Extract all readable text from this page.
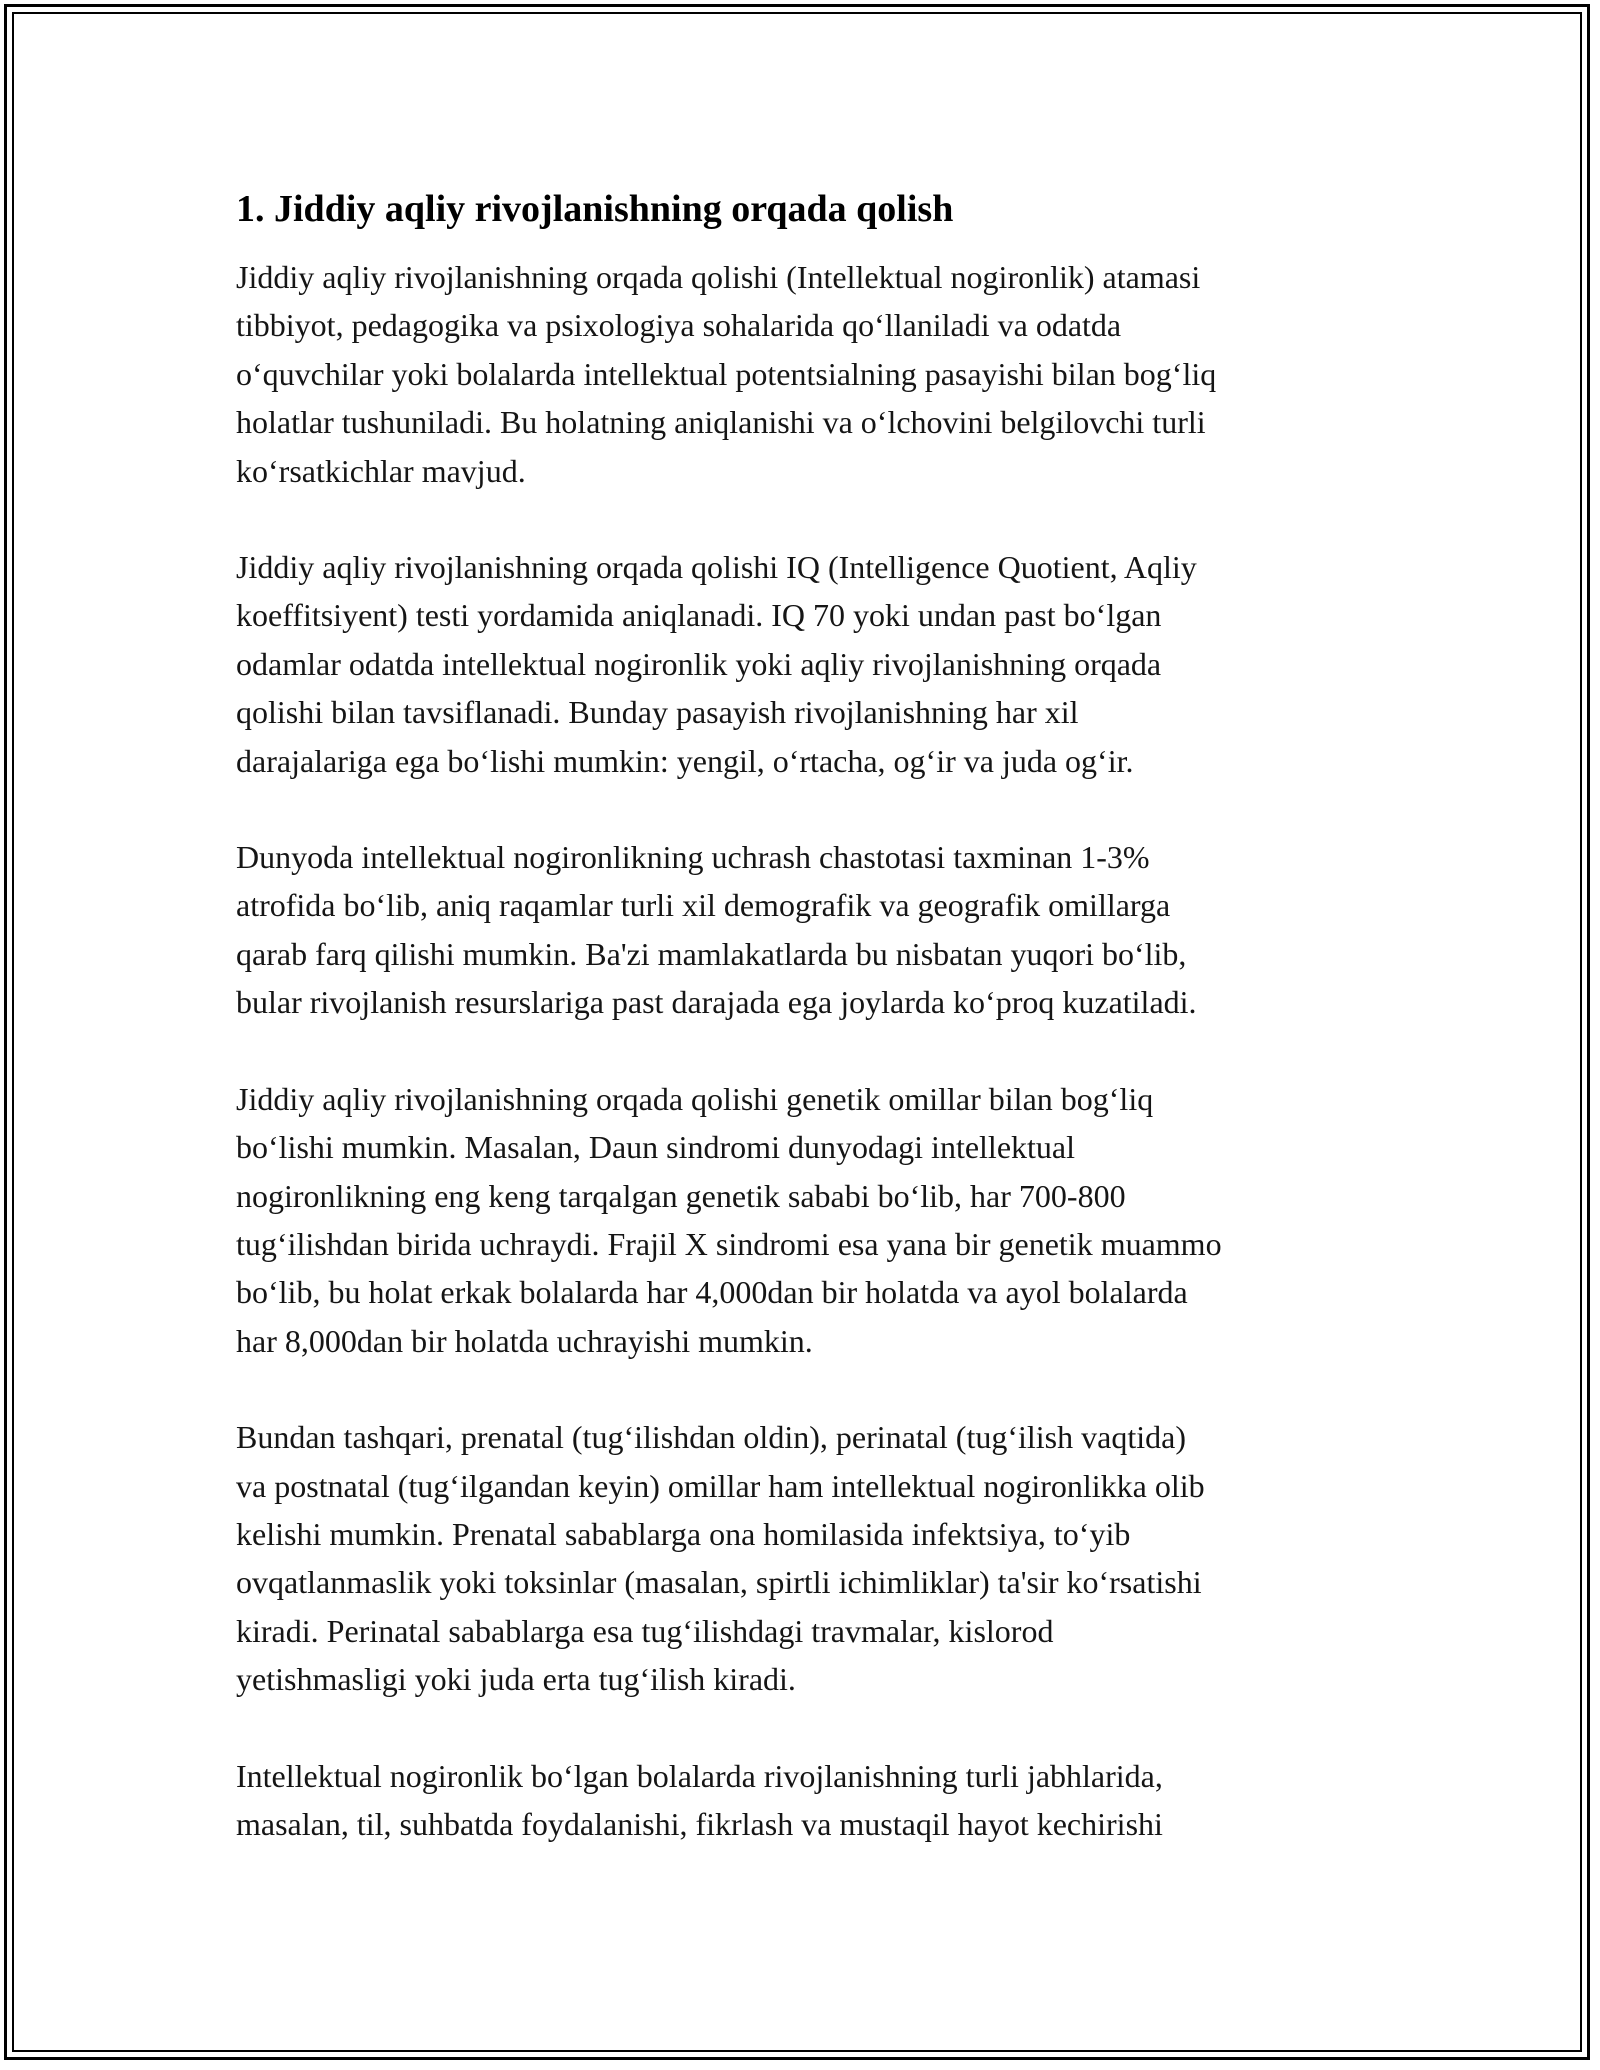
1. Jiddiy aqliy rivojlanishning orqada qolish

Jiddiy aqliy rivojlanishning orqada qolishi (Intellektual nogironlik) atamasi
tibbiyot, pedagogika va psixologiya sohalarida qo‘llaniladi va odatda
o‘quvchilar yoki bolalarda intellektual potentsialning pasayishi bilan bog‘liq
holatlar tushuniladi. Bu holatning aniqlanishi va o‘lchovini belgilovchi turli
ko‘rsatkichlar mavjud.

Jiddiy aqliy rivojlanishning orqada qolishi IQ (Intelligence Quotient, Aqliy
koeffitsiyent) testi yordamida aniqlanadi. IQ 70 yoki undan past bo‘lgan
odamlar odatda intellektual nogironlik yoki aqliy rivojlanishning orqada
qolishi bilan tavsiflanadi. Bunday pasayish rivojlanishning har xil
darajalariga ega bo‘lishi mumkin: yengil, o‘rtacha, og‘ir va juda og‘ir.

Dunyoda intellektual nogironlikning uchrash chastotasi taxminan 1-3%
atrofida bo‘lib, aniq raqamlar turli xil demografik va geografik omillarga
qarab farq qilishi mumkin. Ba'zi mamlakatlarda bu nisbatan yuqori bo‘lib,
bular rivojlanish resurslariga past darajada ega joylarda ko‘proq kuzatiladi.

Jiddiy aqliy rivojlanishning orqada qolishi genetik omillar bilan bog‘liq
bo‘lishi mumkin. Masalan, Daun sindromi dunyodagi intellektual
nogironlikning eng keng tarqalgan genetik sababi bo‘lib, har 700-800
tug‘ilishdan birida uchraydi. Frajil X sindromi esa yana bir genetik muammo
bo‘lib, bu holat erkak bolalarda har 4,000dan bir holatda va ayol bolalarda
har 8,000dan bir holatda uchrayishi mumkin.

Bundan tashqari, prenatal (tug‘ilishdan oldin), perinatal (tug‘ilish vaqtida)
va postnatal (tug‘ilgandan keyin) omillar ham intellektual nogironlikka olib
kelishi mumkin. Prenatal sabablarga ona homilasida infektsiya, to‘yib
ovqatlanmaslik yoki toksinlar (masalan, spirtli ichimliklar) ta'sir ko‘rsatishi
kiradi. Perinatal sabablarga esa tug‘ilishdagi travmalar, kislorod
yetishmasligi yoki juda erta tug‘ilish kiradi.

Intellektual nogironlik bo‘lgan bolalarda rivojlanishning turli jabhlarida,
masalan, til, suhbatda foydalanishi, fikrlash va mustaqil hayot kechirishi
